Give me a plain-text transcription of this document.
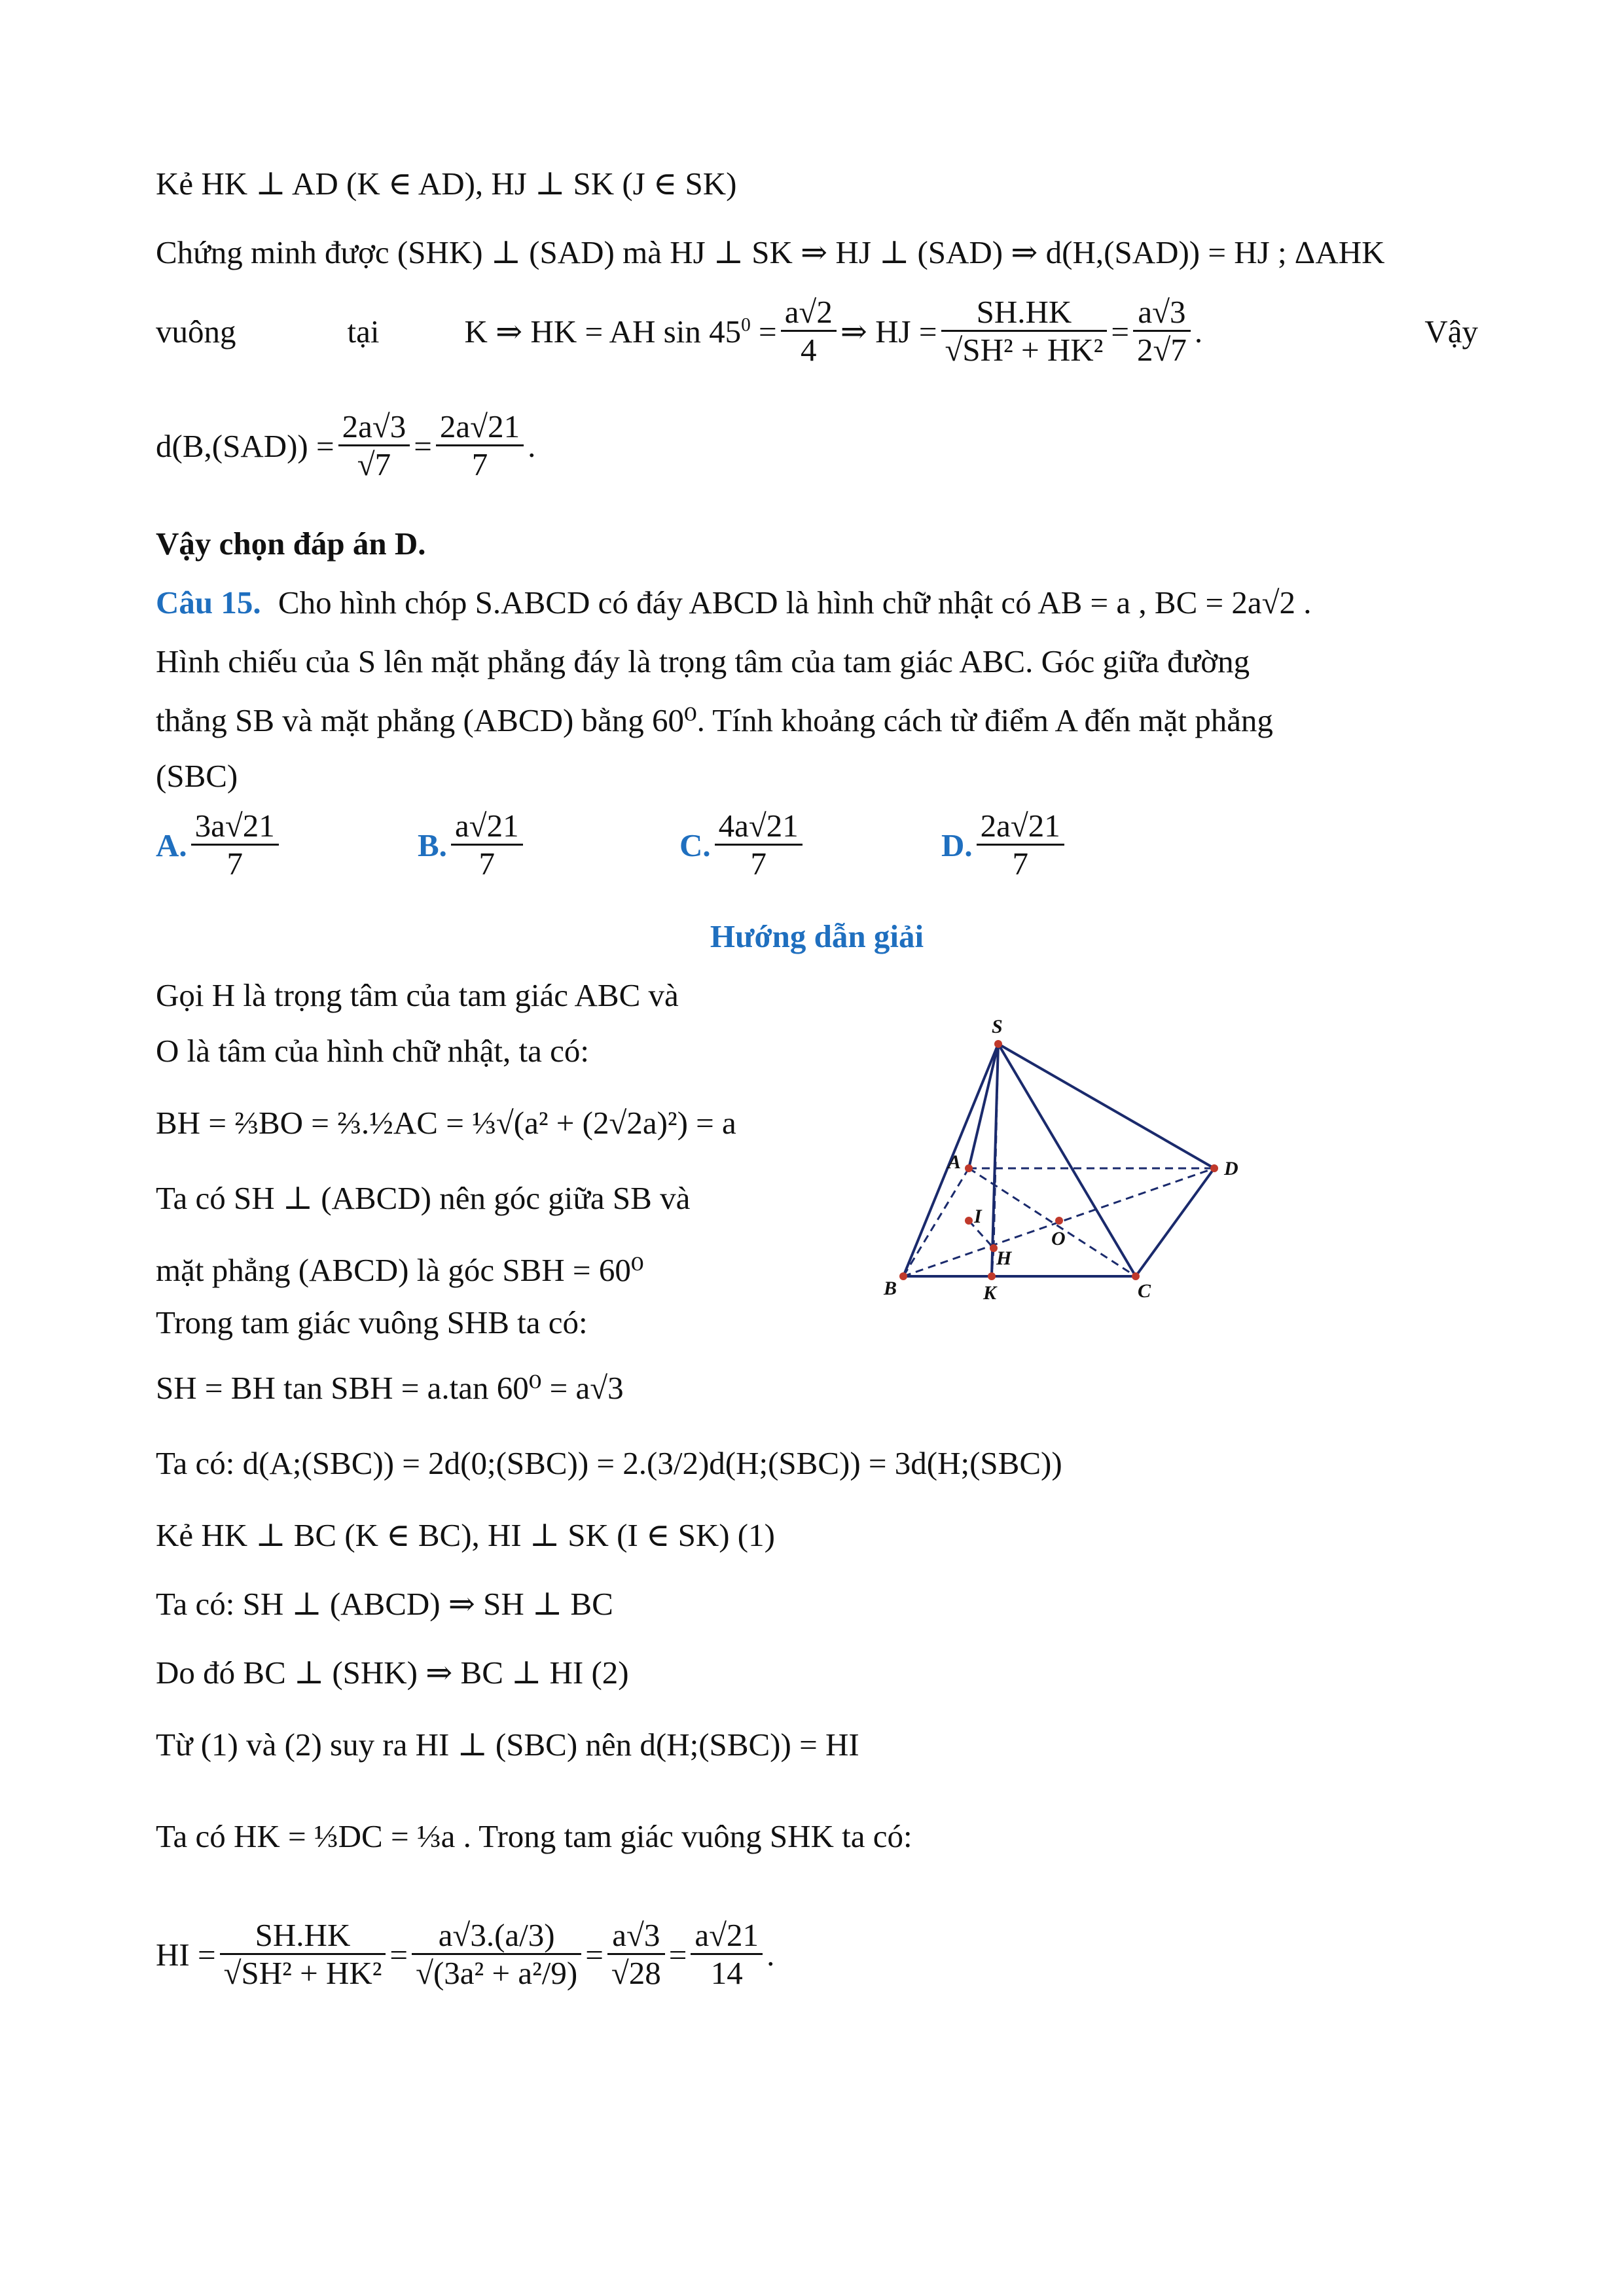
Kẻ HK ⊥ AD (K ∈ AD), HJ ⊥ SK (J ∈ SK)
Chứng minh được (SHK) ⊥ (SAD) mà HJ ⊥ SK ⇒ HJ ⊥ (SAD) ⇒ d(H,(SAD)) = HJ ; ΔAHK
vuông	tại	K ⇒ HK = AH $\sin 45^0 = \frac{a√2}{4}$ ⇒ HJ = $\frac{SH.HK}{\text{√SH² + HK²}} = \frac{a√3}{2√7}$ .	Vậy
$d(B,(SAD)) = \frac{2a√3}{√7} = \frac{2a√21}{7}$ .
Vậy chọn đáp án D.
Câu 15. Cho hình chóp S.ABCD có đáy ABCD là hình chữ nhật có AB = a , BC = 2a√2 .
Hình chiếu của S lên mặt phẳng đáy là trọng tâm của tam giác ABC. Góc giữa đường
thẳng SB và mặt phẳng (ABCD) bằng 60⁰. Tính khoảng cách từ điểm A đến mặt phẳng
(SBC)
A. $\frac{3a√21}{7}$	B. $\frac{a√21}{7}$	C. $\frac{4a√21}{7}$	D. $\frac{2a√21}{7}$
Hướng dẫn giải
Gọi H là trọng tâm của tam giác ABC và
O là tâm của hình chữ nhật, ta có:
BH = ⅔BO = ⅔.½AC = ⅓√(a² + (2√2a)²) = a
Ta có SH ⊥ (ABCD) nên góc giữa SB và
mặt phẳng (ABCD) là góc SBH = 60⁰
Trong tam giác vuông SHB ta có:
SH = BH tan SBH = a.tan 60⁰ = a√3
Ta có: d(A;(SBC)) = 2d(0;(SBC)) = 2.(3/2)d(H;(SBC)) = 3d(H;(SBC))
Kẻ HK ⊥ BC (K ∈ BC), HI ⊥ SK (I ∈ SK) (1)
Ta có: SH ⊥ (ABCD) ⇒ SH ⊥ BC
Do đó BC ⊥ (SHK) ⇒ BC ⊥ HI (2)
Từ (1) và (2) suy ra HI ⊥ (SBC) nên d(H;(SBC)) = HI
Ta có HK = ⅓DC = ⅓a . Trong tam giác vuông SHK ta có:
HI = $\frac{SH.HK}{\text{√SH² + HK²}} = \frac{a√3.(a/3)}{\text{√(3a² + a²/9)}} = \frac{a√3}{√28} = \frac{a√21}{14}$ .
S
A	D
I
O
H
B	K	C
